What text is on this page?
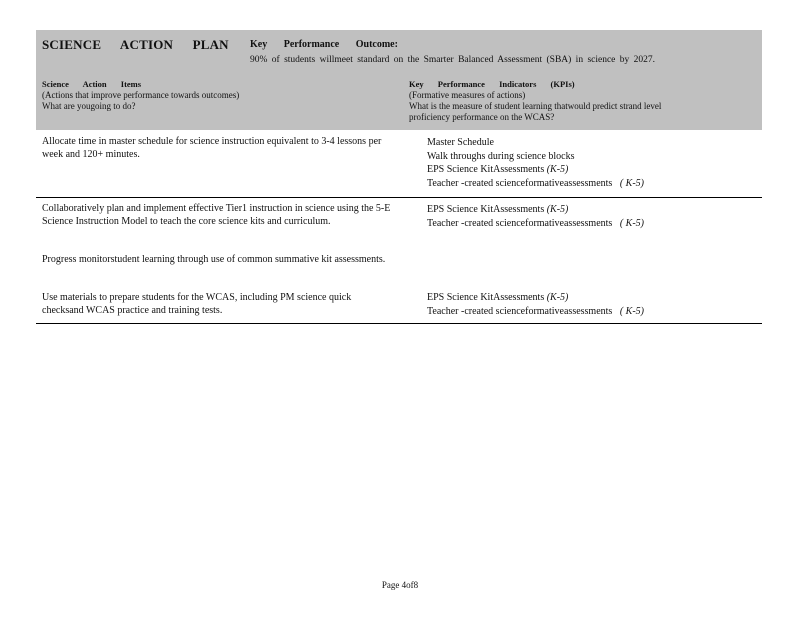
SCIENCE ACTION PLAN Key Performance Outcome:
90% of students willmeet standard on the Smarter Balanced Assessment (SBA) in science by 2027.
Science Action Items
(Actions that improve performance towards outcomes)
What are yougoing to do?
Key Performance Indicators (KPIs)
(Formative measures of actions)
What is the measure of student learning thatwould predict strand level
proficiency performance on the WCAS?
Allocate time in master schedule for science instruction equivalent to 3-4 lessons per week and 120+ minutes.
Master Schedule
Walk throughs during science blocks
EPS Science KitAssessments (K-5)
Teacher -created scienceformativeassessments ( K-5)
Collaboratively plan and implement effective Tier1 instruction in science using the 5-E Science Instruction Model to teach the core science kits and curriculum.
Progress monitorstudent learning through use of common summative kit assessments.
Use materials to prepare students for the WCAS, including PM science quick checksand WCAS practice and training tests.
EPS Science KitAssessments (K-5)
Teacher -created scienceformativeassessments ( K-5)
EPS Science KitAssessments (K-5)
Teacher -created scienceformativeassessments ( K-5)
Page 4of8
